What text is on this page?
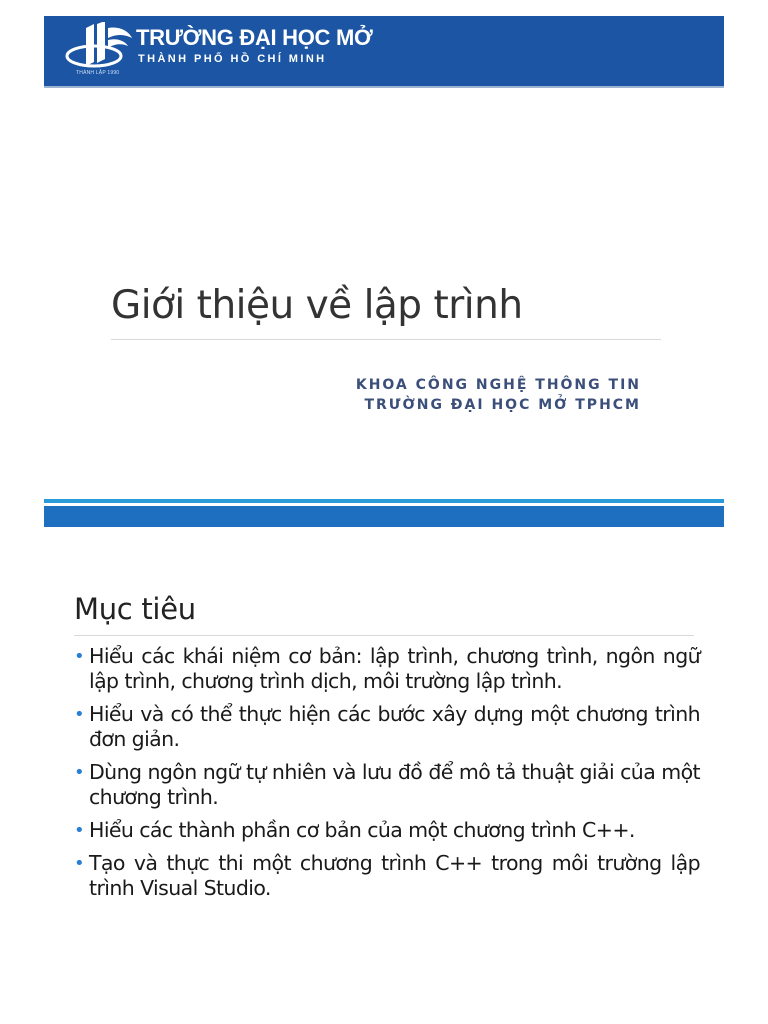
THÀNH LẬP 1990
TRƯỜNG ĐẠI HỌC MỞ
THÀNH PHỐ HỒ CHÍ MINH
Giới thiệu về lập trình
KHOA CÔNG NGHỆ THÔNG TIN
TRƯỜNG ĐẠI HỌC MỞ TPHCM
Mục tiêu
• Hiểu các khái niệm cơ bản: lập trình, chương trình, ngôn ngữ lập trình, chương trình dịch, môi trường lập trình.
• Hiểu và có thể thực hiện các bước xây dựng một chương trình đơn giản.
• Dùng ngôn ngữ tự nhiên và lưu đồ để mô tả thuật giải của một chương trình.
• Hiểu các thành phần cơ bản của một chương trình C++.
• Tạo và thực thi một chương trình C++ trong môi trường lập trình Visual Studio.
